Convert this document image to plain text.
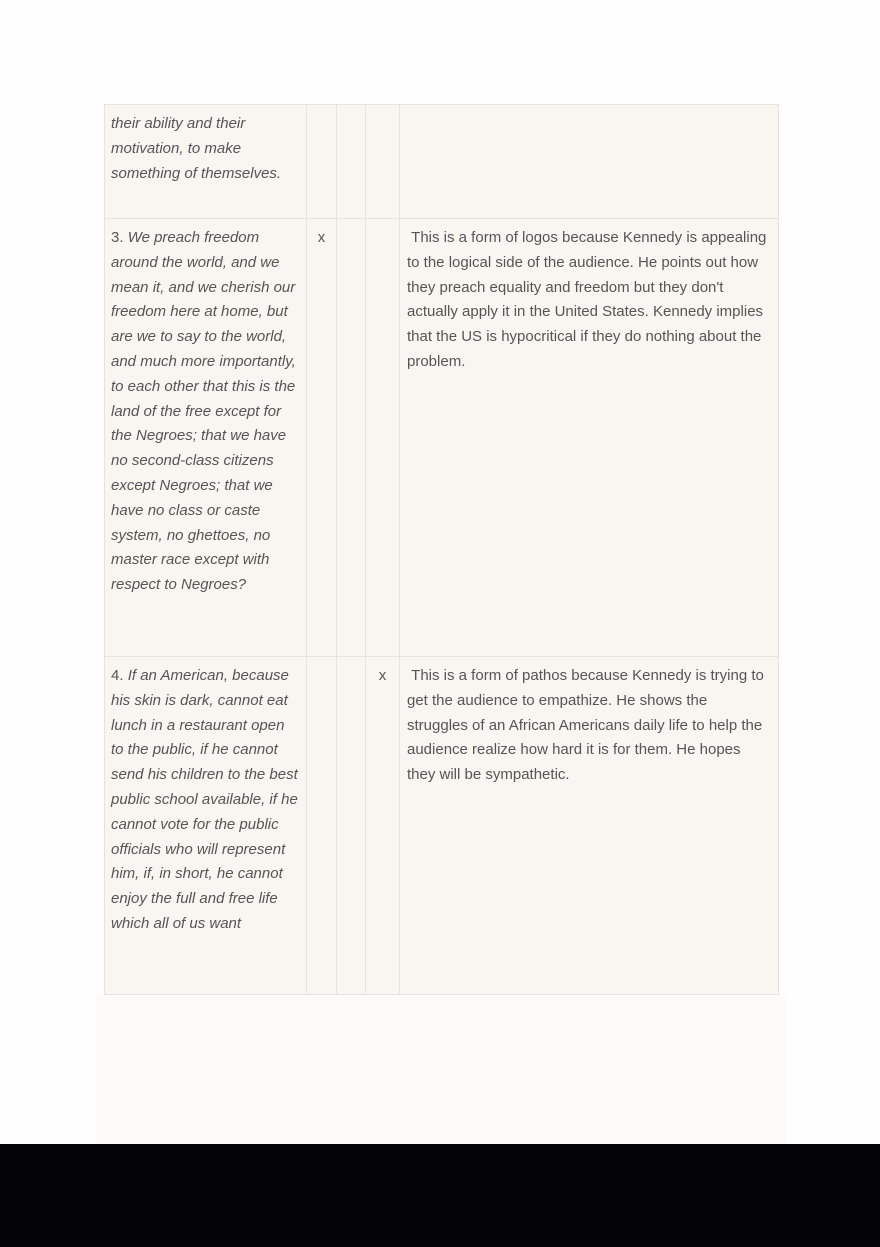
their ability and their motivation, to make something of themselves.				
3. We preach freedom around the world, and we mean it, and we cherish our freedom here at home, but are we to say to the world, and much more importantly, to each other that this is the land of the free except for the Negroes; that we have no second-class citizens except Negroes; that we have no class or caste system, no ghettoes, no master race except with respect to Negroes?	x			This is a form of logos because Kennedy is appealing to the logical side of the audience. He points out how they preach equality and freedom but they don't actually apply it in the United States. Kennedy implies that the US is hypocritical if they do nothing about the problem.
4. If an American, because his skin is dark, cannot eat lunch in a restaurant open to the public, if he cannot send his children to the best public school available, if he cannot vote for the public officials who will represent him, if, in short, he cannot enjoy the full and free life which all of us want			x	This is a form of pathos because Kennedy is trying to get the audience to empathize. He shows the struggles of an African Americans daily life to help the audience realize how hard it is for them. He hopes they will be sympathetic.
